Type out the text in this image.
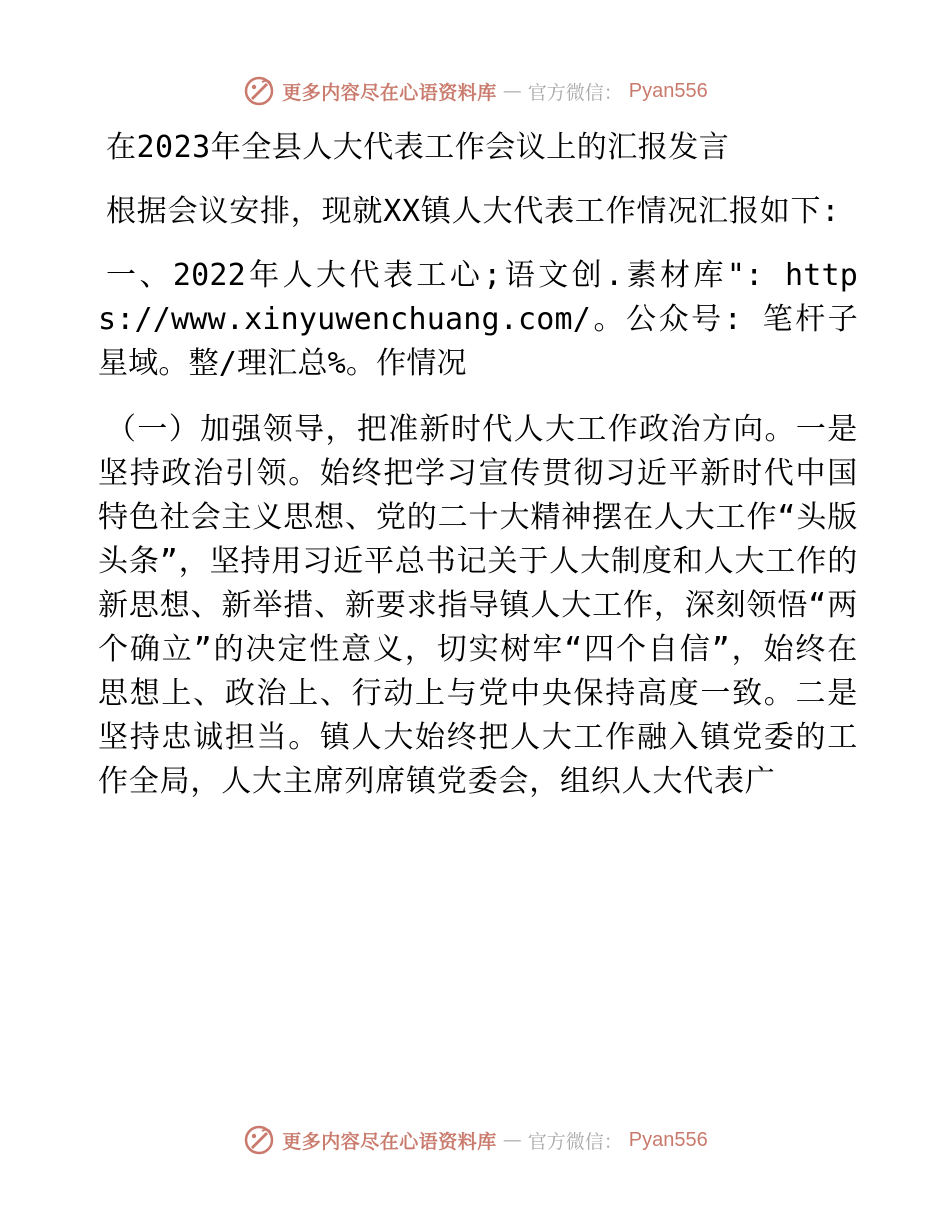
更多内容尽在心语资料库 — 官方微信： Pyan556
在2023年全县人大代表工作会议上的汇报发言

根据会议安排，现就XX镇人大代表工作情况汇报如下:

一、2022年人大代表工心;语文创.素材库": https://www.xinyuwenchuang.com/。公众号: 笔杆子星域。整/理汇总%。作情况

（一）加强领导，把准新时代人大工作政治方向。一是坚持政治引领。始终把学习宣传贯彻习近平新时代中国特色社会主义思想、党的二十大精神摆在人大工作“头版头条”，坚持用习近平总书记关于人大制度和人大工作的新思想、新举措、新要求指导镇人大工作，深刻领悟“两个确立”的决定性意义，切实树牢“四个自信”，始终在思想上、政治上、行动上与党中央保持高度一致。二是坚持忠诚担当。镇人大始终把人大工作融入镇党委的工作全局，人大主席列席镇党委会，组织人大代表广

更多内容尽在心语资料库 — 官方微信： Pyan556
